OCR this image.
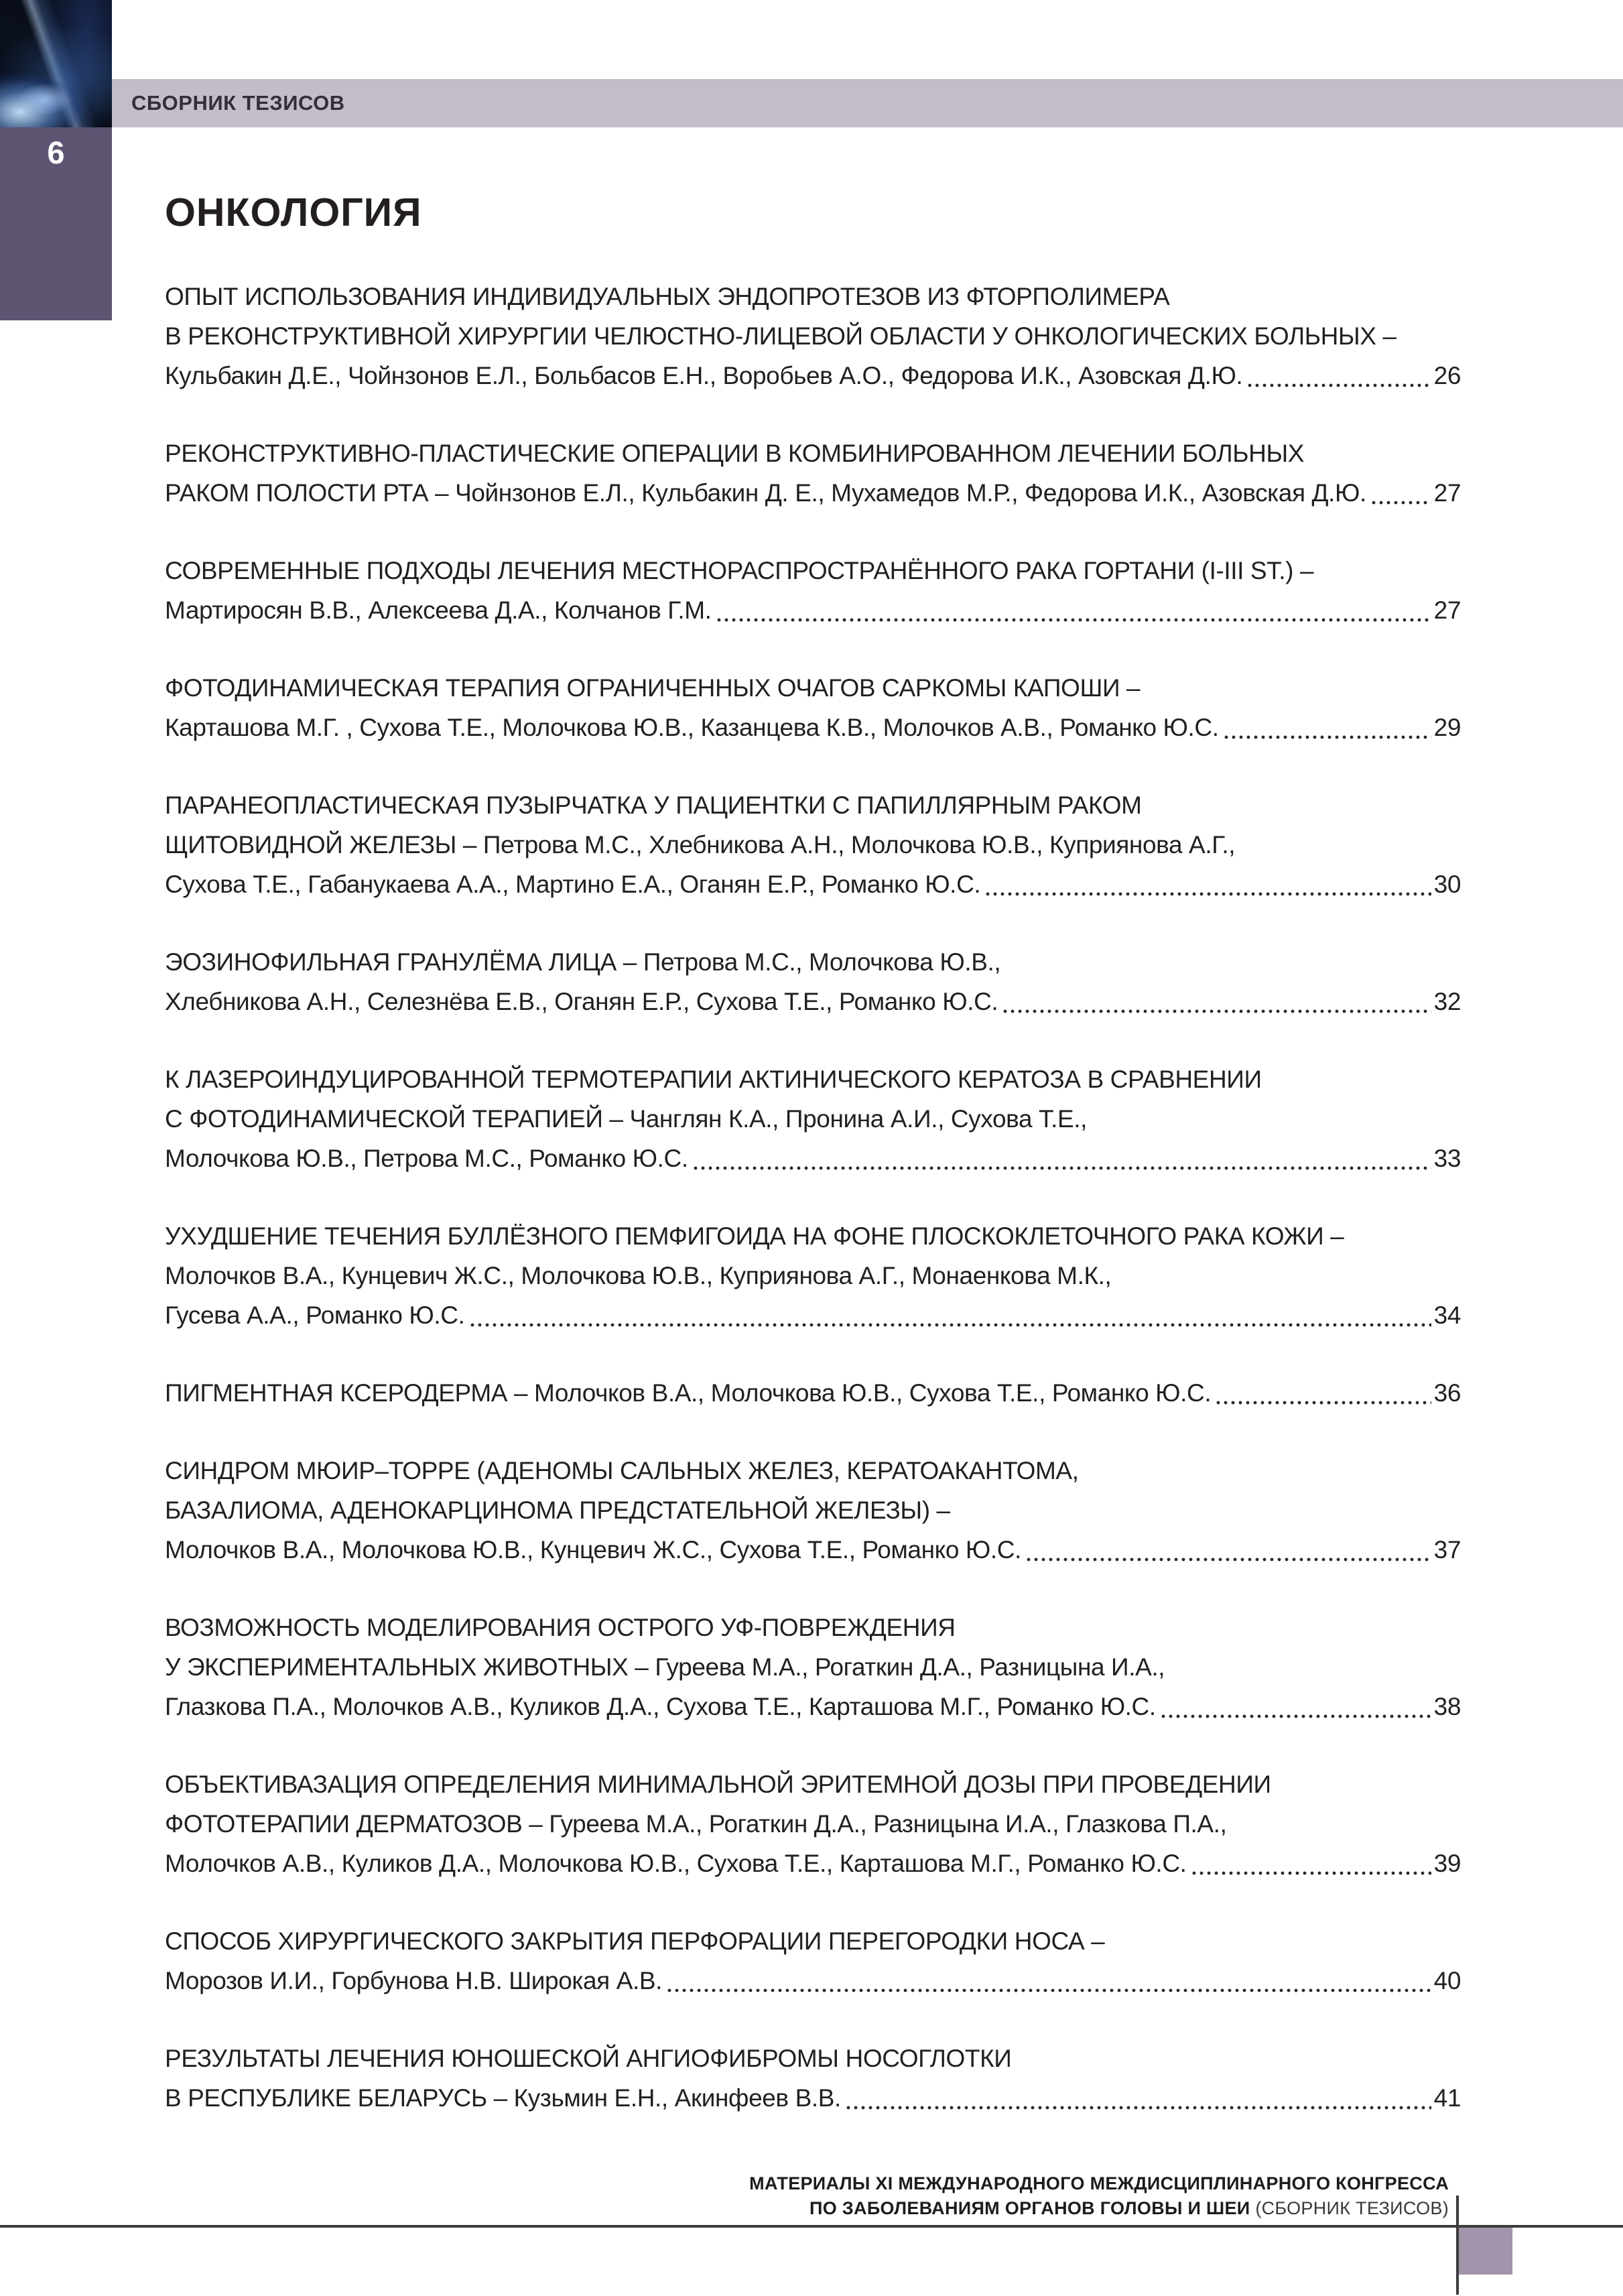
СБОРНИК ТЕЗИСОВ
6
ОНКОЛОГИЯ
ОПЫТ ИСПОЛЬЗОВАНИЯ ИНДИВИДУАЛЬНЫХ ЭНДОПРОТЕЗОВ ИЗ ФТОРПОЛИМЕРА
В РЕКОНСТРУКТИВНОЙ ХИРУРГИИ ЧЕЛЮСТНО-ЛИЦЕВОЙ ОБЛАСТИ У ОНКОЛОГИЧЕСКИХ БОЛЬНЫХ –
Кульбакин Д.Е., Чойнзонов Е.Л., Больбасов Е.Н., Воробьев А.О., Федорова И.К., Азовская Д.Ю.	26
РЕКОНСТРУКТИВНО-ПЛАСТИЧЕСКИЕ ОПЕРАЦИИ В КОМБИНИРОВАННОМ ЛЕЧЕНИИ БОЛЬНЫХ
РАКОМ ПОЛОСТИ РТА – Чойнзонов Е.Л., Кульбакин Д. Е., Мухамедов М.Р., Федорова И.К., Азовская Д.Ю.	27
СОВРЕМЕННЫЕ ПОДХОДЫ ЛЕЧЕНИЯ МЕСТНОРАСПРОСТРАНЁННОГО РАКА ГОРТАНИ (I-III ST.) –
Мартиросян В.В., Алексеева Д.А., Колчанов Г.М.	27
ФОТОДИНАМИЧЕСКАЯ ТЕРАПИЯ ОГРАНИЧЕННЫХ ОЧАГОВ САРКОМЫ КАПОШИ –
Карташова М.Г. , Сухова Т.Е., Молочкова Ю.В., Казанцева К.В., Молочков А.В., Романко Ю.С.	29
ПАРАНЕОПЛАСТИЧЕСКАЯ ПУЗЫРЧАТКА У ПАЦИЕНТКИ С ПАПИЛЛЯРНЫМ РАКОМ
ЩИТОВИДНОЙ ЖЕЛЕЗЫ – Петрова М.С., Хлебникова А.Н., Молочкова Ю.В., Куприянова А.Г.,
Сухова Т.Е., Габанукаева А.А., Мартино Е.А., Оганян Е.Р., Романко Ю.С.	30
ЭОЗИНОФИЛЬНАЯ ГРАНУЛЁМА ЛИЦА – Петрова М.С., Молочкова Ю.В.,
Хлебникова А.Н., Селезнёва Е.В., Оганян Е.Р., Сухова Т.Е., Романко Ю.С.	32
К ЛАЗЕРОИНДУЦИРОВАННОЙ ТЕРМОТЕРАПИИ АКТИНИЧЕСКОГО КЕРАТОЗА В СРАВНЕНИИ
С ФОТОДИНАМИЧЕСКОЙ ТЕРАПИЕЙ – Чанглян К.А., Пронина А.И., Сухова Т.Е.,
Молочкова Ю.В., Петрова М.С., Романко Ю.С.	33
УХУДШЕНИЕ ТЕЧЕНИЯ БУЛЛЁЗНОГО ПЕМФИГОИДА НА ФОНЕ ПЛОСКОКЛЕТОЧНОГО РАКА КОЖИ –
Молочков В.А., Кунцевич Ж.С., Молочкова Ю.В., Куприянова А.Г., Монаенкова М.К.,
Гусева А.А., Романко Ю.С.	34
ПИГМЕНТНАЯ КСЕРОДЕРМА – Молочков В.А., Молочкова Ю.В., Сухова Т.Е., Романко Ю.С.	36
СИНДРОМ МЮИР–ТОРРЕ (АДЕНОМЫ САЛЬНЫХ ЖЕЛЕЗ, КЕРАТОАКАНТОМА,
БАЗАЛИОМА, АДЕНОКАРЦИНОМА ПРЕДСТАТЕЛЬНОЙ ЖЕЛЕЗЫ) –
Молочков В.А., Молочкова Ю.В., Кунцевич Ж.С., Сухова Т.Е., Романко Ю.С.	37
ВОЗМОЖНОСТЬ МОДЕЛИРОВАНИЯ ОСТРОГО УФ-ПОВРЕЖДЕНИЯ
У ЭКСПЕРИМЕНТАЛЬНЫХ ЖИВОТНЫХ – Гуреева М.А., Рогаткин Д.А., Разницына И.А.,
Глазкова П.А., Молочков А.В., Куликов Д.А., Сухова Т.Е., Карташова М.Г., Романко Ю.С.	38
ОБЪЕКТИВАЗАЦИЯ ОПРЕДЕЛЕНИЯ МИНИМАЛЬНОЙ ЭРИТЕМНОЙ ДОЗЫ ПРИ ПРОВЕДЕНИИ
ФОТОТЕРАПИИ ДЕРМАТОЗОВ – Гуреева М.А., Рогаткин Д.А., Разницына И.А., Глазкова П.А.,
Молочков А.В., Куликов Д.А., Молочкова Ю.В., Сухова Т.Е., Карташова М.Г., Романко Ю.С.	39
СПОСОБ ХИРУРГИЧЕСКОГО ЗАКРЫТИЯ ПЕРФОРАЦИИ ПЕРЕГОРОДКИ НОСА –
Морозов И.И., Горбунова Н.В. Широкая А.В.	40
РЕЗУЛЬТАТЫ ЛЕЧЕНИЯ ЮНОШЕСКОЙ АНГИОФИБРОМЫ НОСОГЛОТКИ
В РЕСПУБЛИКЕ БЕЛАРУСЬ – Кузьмин Е.Н., Акинфеев В.В.	41
МАТЕРИАЛЫ XI МЕЖДУНАРОДНОГО МЕЖДИСЦИПЛИНАРНОГО КОНГРЕССА
ПО ЗАБОЛЕВАНИЯМ ОРГАНОВ ГОЛОВЫ И ШЕИ (СБОРНИК ТЕЗИСОВ)
